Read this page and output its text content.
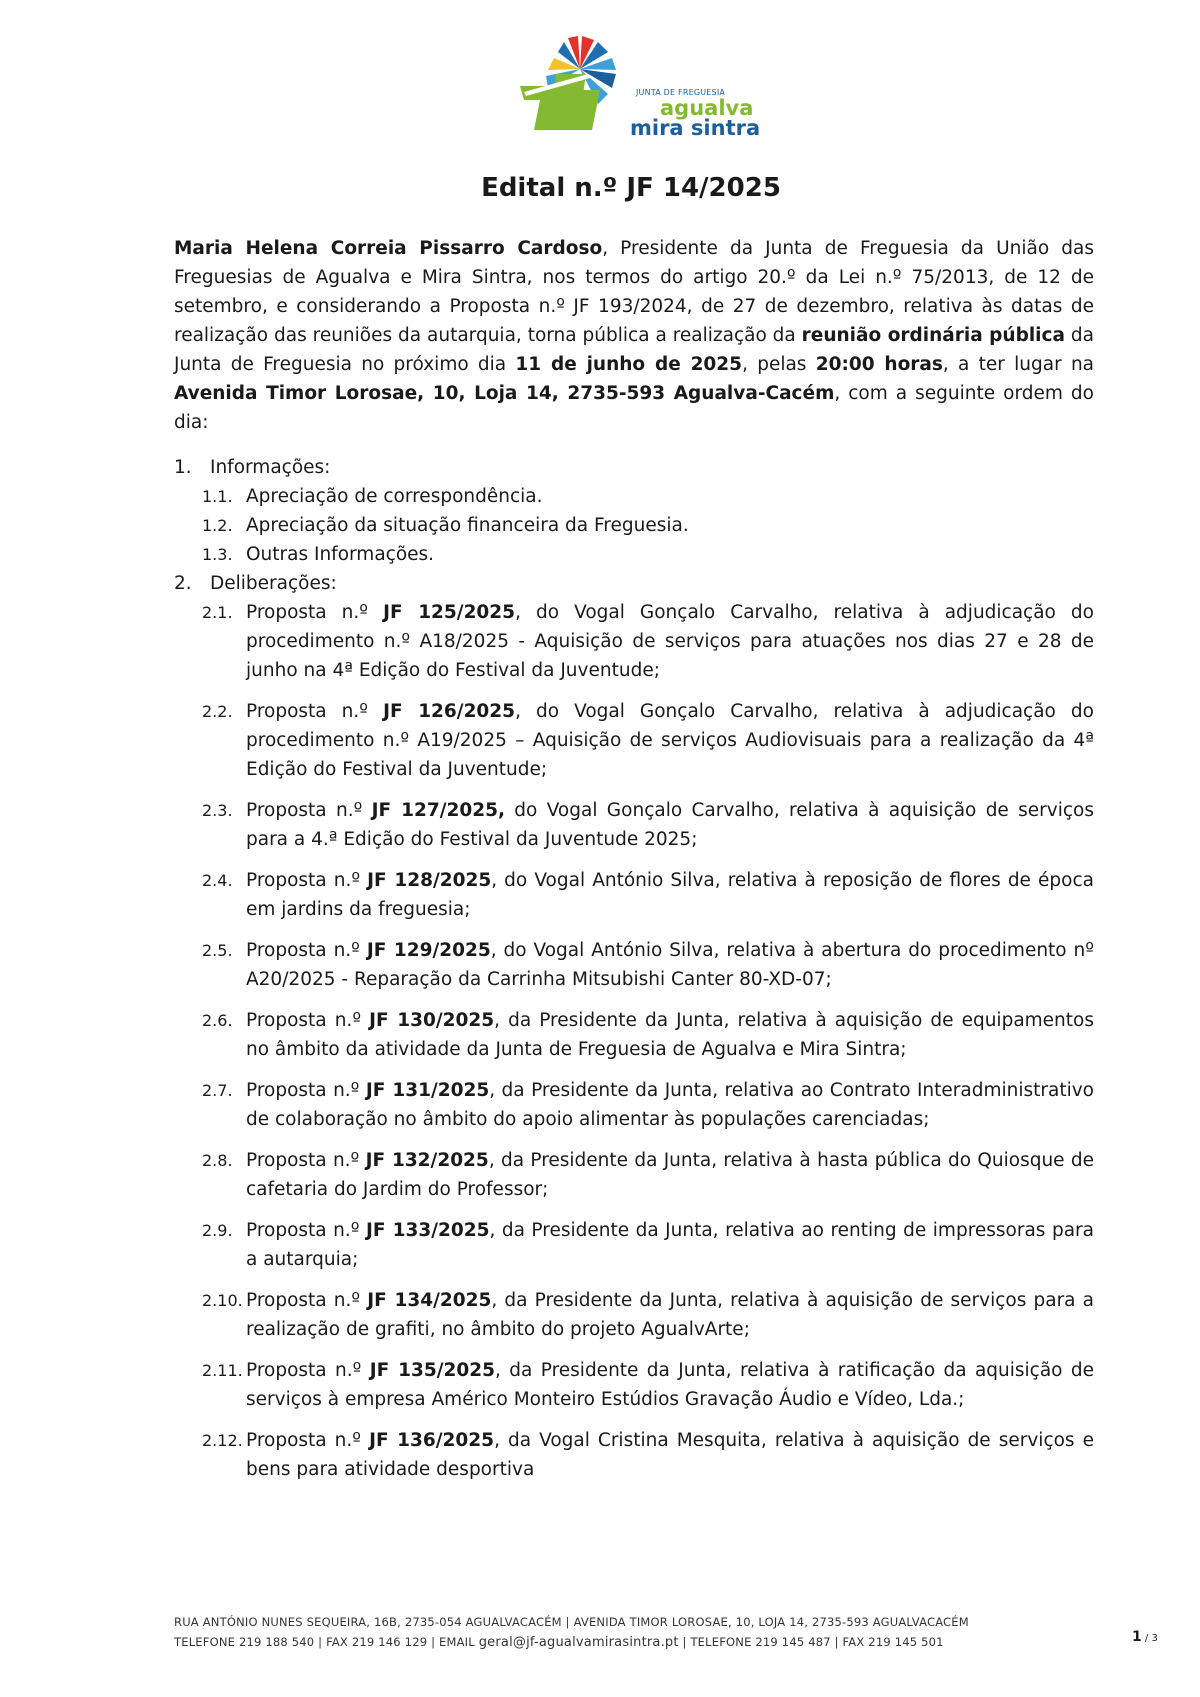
JUNTA DE FREGUESIA
agualva
mira sintra
Edital n.º JF 14/2025

Maria Helena Correia Pissarro Cardoso, Presidente da Junta de Freguesia da União das Freguesias de Agualva e Mira Sintra, nos termos do artigo 20.º da Lei n.º 75/2013, de 12 de setembro, e considerando a Proposta n.º JF 193/2024, de 27 de dezembro, relativa às datas de realização das reuniões da autarquia, torna pública a realização da reunião ordinária pública da Junta de Freguesia no próximo dia 11 de junho de 2025, pelas 20:00 horas, a ter lugar na Avenida Timor Lorosae, 10, Loja 14, 2735-593 Agualva-Cacém, com a seguinte ordem do dia:

1. Informações:
1.1. Apreciação de correspondência.
1.2. Apreciação da situação financeira da Freguesia.
1.3. Outras Informações.
2. Deliberações:
2.1. Proposta n.º JF 125/2025, do Vogal Gonçalo Carvalho, relativa à adjudicação do procedimento n.º A18/2025 - Aquisição de serviços para atuações nos dias 27 e 28 de junho na 4ª Edição do Festival da Juventude;
2.2. Proposta n.º JF 126/2025, do Vogal Gonçalo Carvalho, relativa à adjudicação do procedimento n.º A19/2025 – Aquisição de serviços Audiovisuais para a realização da 4ª Edição do Festival da Juventude;
2.3. Proposta n.º JF 127/2025, do Vogal Gonçalo Carvalho, relativa à aquisição de serviços para a 4.ª Edição do Festival da Juventude 2025;
2.4. Proposta n.º JF 128/2025, do Vogal António Silva, relativa à reposição de flores de época em jardins da freguesia;
2.5. Proposta n.º JF 129/2025, do Vogal António Silva, relativa à abertura do procedimento nº A20/2025 - Reparação da Carrinha Mitsubishi Canter 80-XD-07;
2.6. Proposta n.º JF 130/2025, da Presidente da Junta, relativa à aquisição de equipamentos no âmbito da atividade da Junta de Freguesia de Agualva e Mira Sintra;
2.7. Proposta n.º JF 131/2025, da Presidente da Junta, relativa ao Contrato Interadministrativo de colaboração no âmbito do apoio alimentar às populações carenciadas;
2.8. Proposta n.º JF 132/2025, da Presidente da Junta, relativa à hasta pública do Quiosque de cafetaria do Jardim do Professor;
2.9. Proposta n.º JF 133/2025, da Presidente da Junta, relativa ao renting de impressoras para a autarquia;
2.10. Proposta n.º JF 134/2025, da Presidente da Junta, relativa à aquisição de serviços para a realização de grafiti, no âmbito do projeto AgualvArte;
2.11. Proposta n.º JF 135/2025, da Presidente da Junta, relativa à ratificação da aquisição de serviços à empresa Américo Monteiro Estúdios Gravação Áudio e Vídeo, Lda.;
2.12. Proposta n.º JF 136/2025, da Vogal Cristina Mesquita, relativa à aquisição de serviços e bens para atividade desportiva
RUA ANTÓNIO NUNES SEQUEIRA, 16B, 2735-054 AGUALVACACÉM | AVENIDA TIMOR LOROSAE, 10, LOJA 14, 2735-593 AGUALVACACÉM
TELEFONE 219 188 540 | FAX 219 146 129 | EMAIL geral@jf-agualvamirasintra.pt | TELEFONE 219 145 487 | FAX 219 145 501	1 / 3
